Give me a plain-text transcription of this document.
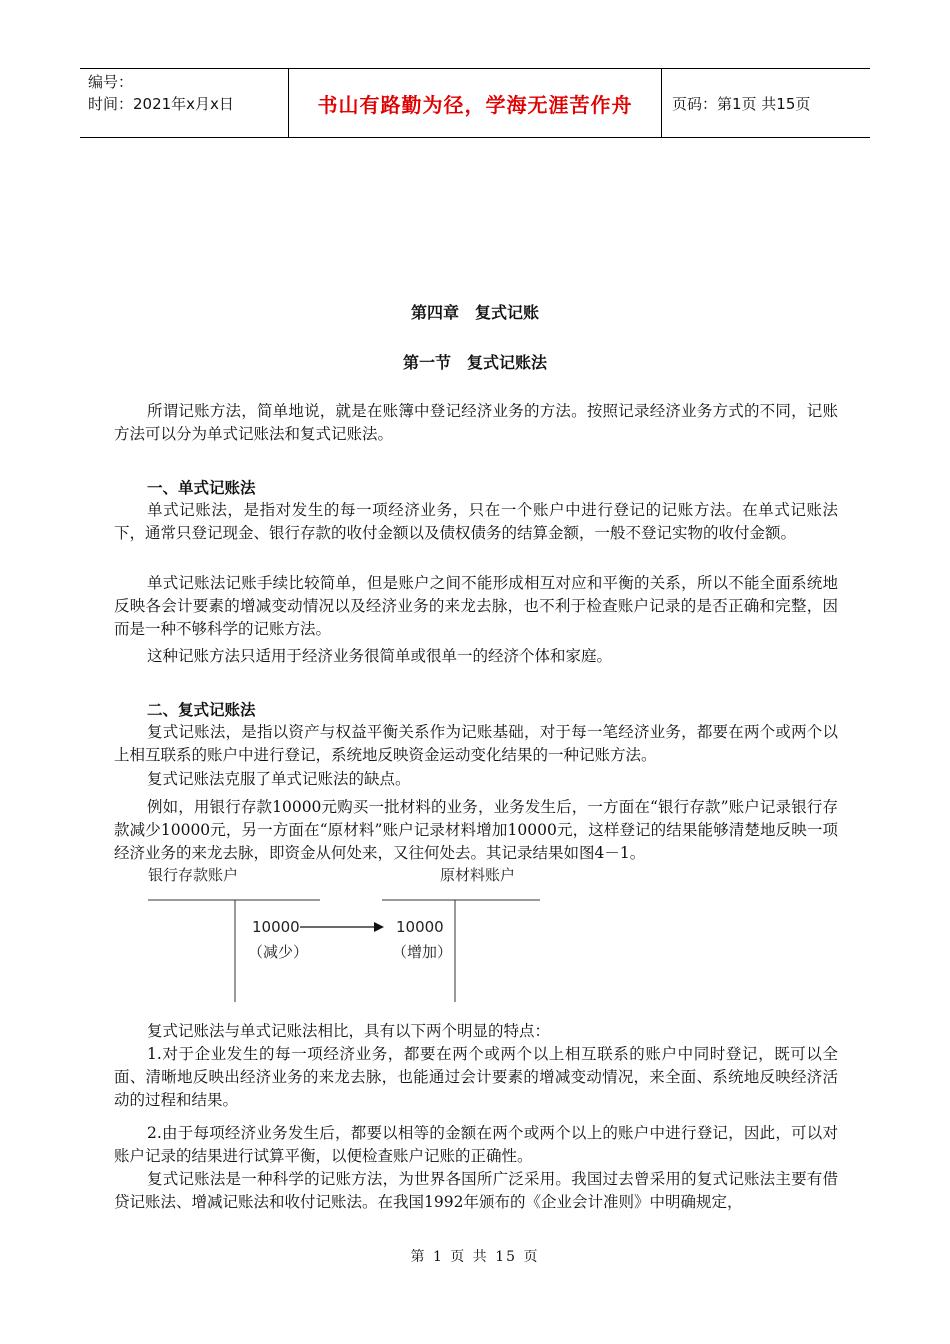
编号：
时间：2021年x月x日	书山有路勤为径，学海无涯苦作舟	页码：第1页 共15页
第四章　复式记账
第一节　复式记账法

所谓记账方法，简单地说，就是在账簿中登记经济业务的方法。按照记录经济业务方式的不同，记账方法可以分为单式记账法和复式记账法。

一、单式记账法

单式记账法，是指对发生的每一项经济业务，只在一个账户中进行登记的记账方法。在单式记账法下，通常只登记现金、银行存款的收付金额以及债权债务的结算金额，一般不登记实物的收付金额。

单式记账法记账手续比较简单，但是账户之间不能形成相互对应和平衡的关系，所以不能全面系统地反映各会计要素的增减变动情况以及经济业务的来龙去脉，也不利于检查账户记录的是否正确和完整，因而是一种不够科学的记账方法。

这种记账方法只适用于经济业务很简单或很单一的经济个体和家庭。

二、复式记账法

复式记账法，是指以资产与权益平衡关系作为记账基础，对于每一笔经济业务，都要在两个或两个以上相互联系的账户中进行登记，系统地反映资金运动变化结果的一种记账方法。

复式记账法克服了单式记账法的缺点。

例如，用银行存款10000元购买一批材料的业务，业务发生后，一方面在“银行存款”账户记录银行存款减少10000元，另一方面在“原材料”账户记录材料增加10000元，这样登记的结果能够清楚地反映一项经济业务的来龙去脉，即资金从何处来，又往何处去。其记录结果如图4－1。

银行存款账户	原材料账户
10000
（减少）
10000
（增加）

复式记账法与单式记账法相比，具有以下两个明显的特点：

1.对于企业发生的每一项经济业务，都要在两个或两个以上相互联系的账户中同时登记，既可以全面、清晰地反映出经济业务的来龙去脉，也能通过会计要素的增减变动情况，来全面、系统地反映经济活动的过程和结果。

2.由于每项经济业务发生后，都要以相等的金额在两个或两个以上的账户中进行登记，因此，可以对账户记录的结果进行试算平衡，以便检查账户记账的正确性。

复式记账法是一种科学的记账方法，为世界各国所广泛采用。我国过去曾采用的复式记账法主要有借贷记账法、增减记账法和收付记账法。在我国1992年颁布的《企业会计准则》中明确规定，

第 1 页 共 15 页
